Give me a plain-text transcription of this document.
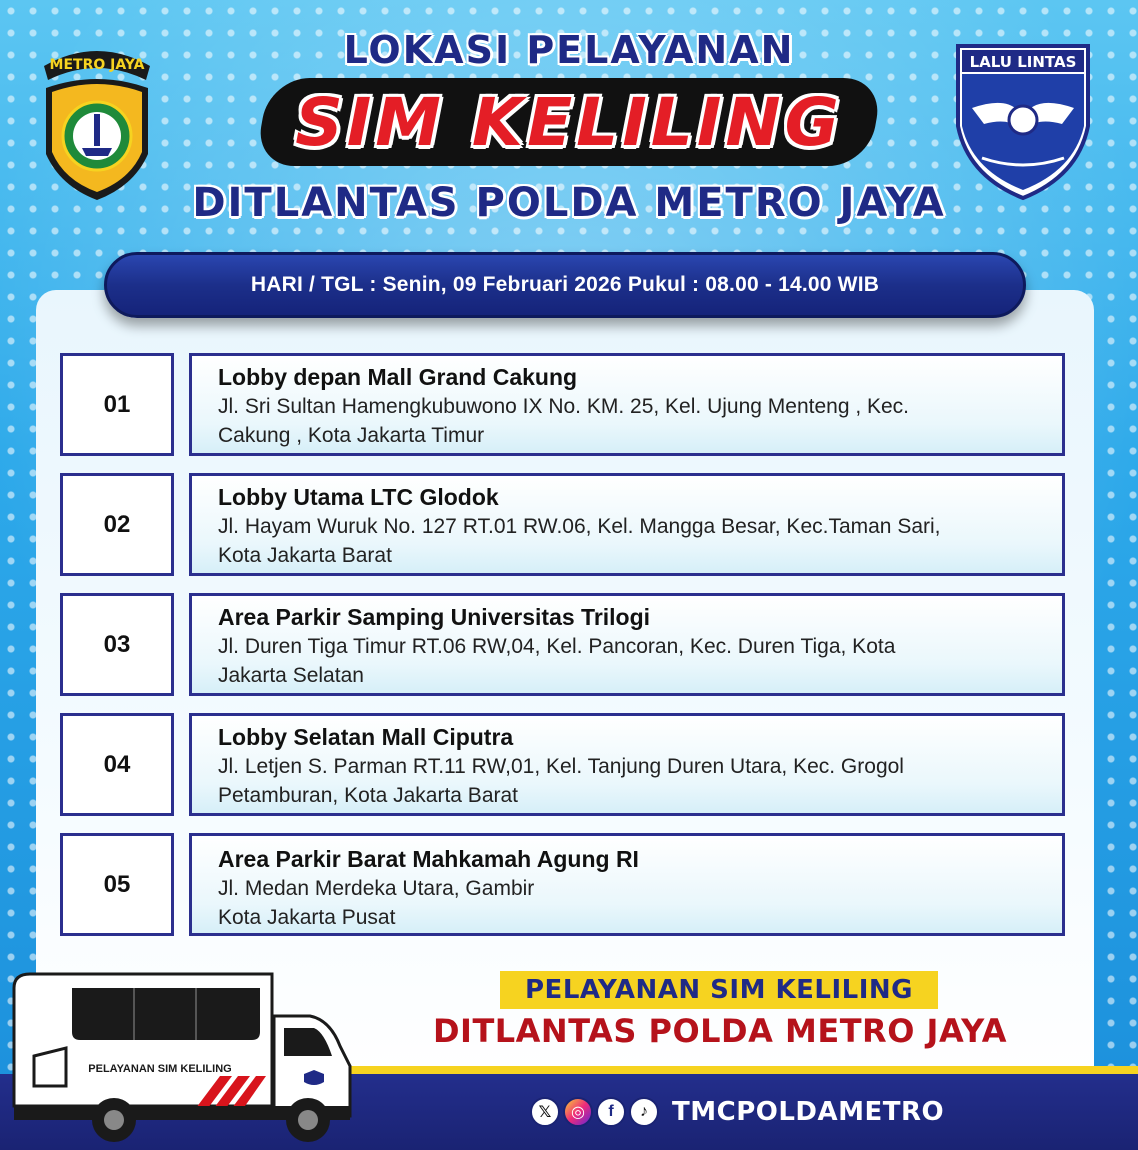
METRO JAYA	LALU LINTAS
LOKASI PELAYANAN
SIM KELILING
DITLANTAS POLDA METRO JAYA
HARI / TGL : Senin, 09 Februari 2026 Pukul : 08.00 - 14.00 WIB
01
Lobby depan Mall Grand Cakung
Jl. Sri Sultan Hamengkubuwono IX No. KM. 25, Kel. Ujung Menteng , Kec.
Cakung , Kota Jakarta Timur
02
Lobby Utama LTC Glodok
Jl. Hayam Wuruk No. 127 RT.01 RW.06, Kel. Mangga Besar, Kec.Taman Sari,
Kota Jakarta Barat
03
Area Parkir Samping Universitas Trilogi
Jl. Duren Tiga Timur RT.06 RW,04, Kel. Pancoran, Kec. Duren Tiga, Kota
Jakarta Selatan
04
Lobby Selatan Mall Ciputra
Jl. Letjen S. Parman RT.11 RW,01, Kel. Tanjung Duren Utara, Kec. Grogol
Petamburan, Kota Jakarta Barat
05
Area Parkir Barat Mahkamah Agung RI
Jl. Medan Merdeka Utara, Gambir
Kota Jakarta Pusat
PELAYANAN SIM KELILING
DITLANTAS POLDA METRO JAYA
𝕏	◎	f	♪ TMCPOLDAMETRO
PELAYANAN SIM KELILING
